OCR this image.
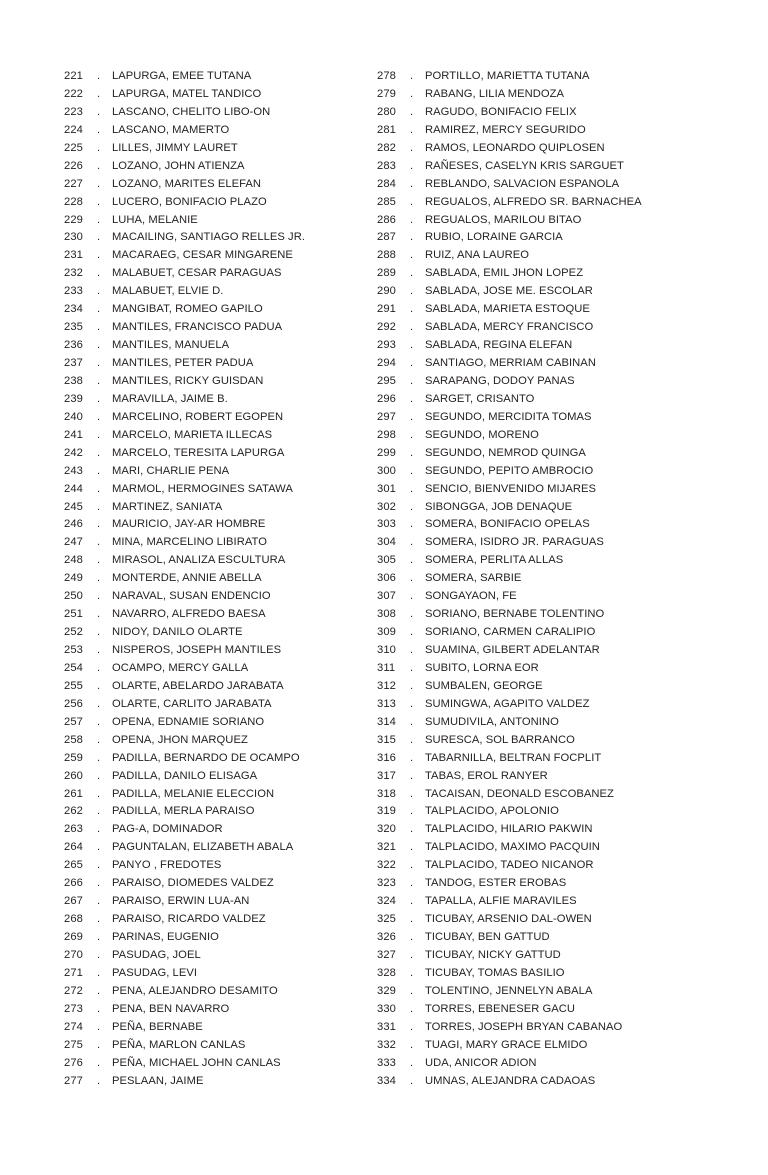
221	.	LAPURGA, EMEE TUTANA
222	.	LAPURGA, MATEL TANDICO
223	.	LASCANO, CHELITO LIBO-ON
224	.	LASCANO, MAMERTO
225	.	LILLES, JIMMY LAURET
226	.	LOZANO, JOHN ATIENZA
227	.	LOZANO, MARITES ELEFAN
228	.	LUCERO, BONIFACIO PLAZO
229	.	LUHA, MELANIE
230	.	MACAILING, SANTIAGO RELLES JR.
231	.	MACARAEG, CESAR MINGARENE
232	.	MALABUET, CESAR PARAGUAS
233	.	MALABUET, ELVIE D.
234	.	MANGIBAT, ROMEO GAPILO
235	.	MANTILES, FRANCISCO PADUA
236	.	MANTILES, MANUELA
237	.	MANTILES, PETER PADUA
238	.	MANTILES, RICKY GUISDAN
239	.	MARAVILLA, JAIME B.
240	.	MARCELINO, ROBERT EGOPEN
241	.	MARCELO, MARIETA ILLECAS
242	.	MARCELO, TERESITA LAPURGA
243	.	MARI, CHARLIE PENA
244	.	MARMOL, HERMOGINES SATAWA
245	.	MARTINEZ, SANIATA
246	.	MAURICIO, JAY-AR HOMBRE
247	.	MINA, MARCELINO LIBIRATO
248	.	MIRASOL, ANALIZA ESCULTURA
249	.	MONTERDE, ANNIE ABELLA
250	.	NARAVAL, SUSAN ENDENCIO
251	.	NAVARRO, ALFREDO BAESA
252	.	NIDOY, DANILO OLARTE
253	.	NISPEROS, JOSEPH MANTILES
254	.	OCAMPO, MERCY GALLA
255	.	OLARTE, ABELARDO JARABATA
256	.	OLARTE, CARLITO JARABATA
257	.	OPENA, EDNAMIE SORIANO
258	.	OPENA, JHON MARQUEZ
259	.	PADILLA, BERNARDO DE OCAMPO
260	.	PADILLA, DANILO ELISAGA
261	.	PADILLA, MELANIE ELECCION
262	.	PADILLA, MERLA PARAISO
263	.	PAG-A, DOMINADOR
264	.	PAGUNTALAN, ELIZABETH ABALA
265	.	PANYO , FREDOTES
266	.	PARAISO, DIOMEDES VALDEZ
267	.	PARAISO, ERWIN LUA-AN
268	.	PARAISO, RICARDO VALDEZ
269	.	PARINAS, EUGENIO
270	.	PASUDAG, JOEL
271	.	PASUDAG, LEVI
272	.	PENA, ALEJANDRO DESAMITO
273	.	PENA, BEN NAVARRO
274	.	PEÑA, BERNABE
275	.	PEÑA, MARLON CANLAS
276	.	PEÑA, MICHAEL JOHN CANLAS
277	.	PESLAAN, JAIME
278	.	PORTILLO, MARIETTA TUTANA
279	.	RABANG, LILIA MENDOZA
280	.	RAGUDO, BONIFACIO FELIX
281	.	RAMIREZ, MERCY SEGURIDO
282	.	RAMOS, LEONARDO QUIPLOSEN
283	.	RAÑESES, CASELYN KRIS SARGUET
284	.	REBLANDO, SALVACION ESPANOLA
285	.	REGUALOS, ALFREDO SR. BARNACHEA
286	.	REGUALOS, MARILOU BITAO
287	.	RUBIO, LORAINE GARCIA
288	.	RUIZ, ANA LAUREO
289	.	SABLADA, EMIL JHON LOPEZ
290	.	SABLADA, JOSE ME. ESCOLAR
291	.	SABLADA, MARIETA ESTOQUE
292	.	SABLADA, MERCY FRANCISCO
293	.	SABLADA, REGINA ELEFAN
294	.	SANTIAGO, MERRIAM CABINAN
295	.	SARAPANG, DODOY PANAS
296	.	SARGET, CRISANTO
297	.	SEGUNDO, MERCIDITA TOMAS
298	.	SEGUNDO, MORENO
299	.	SEGUNDO, NEMROD QUINGA
300	.	SEGUNDO, PEPITO AMBROCIO
301	.	SENCIO, BIENVENIDO MIJARES
302	.	SIBONGGA, JOB DENAQUE
303	.	SOMERA, BONIFACIO OPELAS
304	.	SOMERA, ISIDRO JR. PARAGUAS
305	.	SOMERA, PERLITA ALLAS
306	.	SOMERA, SARBIE
307	.	SONGAYAON, FE
308	.	SORIANO, BERNABE TOLENTINO
309	.	SORIANO, CARMEN CARALIPIO
310	.	SUAMINA, GILBERT ADELANTAR
311	.	SUBITO, LORNA EOR
312	.	SUMBALEN, GEORGE
313	.	SUMINGWA, AGAPITO VALDEZ
314	.	SUMUDIVILA, ANTONINO
315	.	SURESCA, SOL BARRANCO
316	.	TABARNILLA, BELTRAN FOCPLIT
317	.	TABAS, EROL RANYER
318	.	TACAISAN, DEONALD ESCOBANEZ
319	.	TALPLACIDO, APOLONIO
320	.	TALPLACIDO, HILARIO PAKWIN
321	.	TALPLACIDO, MAXIMO PACQUIN
322	.	TALPLACIDO, TADEO NICANOR
323	.	TANDOG, ESTER EROBAS
324	.	TAPALLA, ALFIE MARAVILES
325	.	TICUBAY, ARSENIO DAL-OWEN
326	.	TICUBAY, BEN GATTUD
327	.	TICUBAY, NICKY GATTUD
328	.	TICUBAY, TOMAS BASILIO
329	.	TOLENTINO, JENNELYN ABALA
330	.	TORRES, EBENESER GACU
331	.	TORRES, JOSEPH BRYAN CABANAO
332	.	TUAGI, MARY GRACE ELMIDO
333	.	UDA, ANICOR ADION
334	.	UMNAS, ALEJANDRA CADAOAS
